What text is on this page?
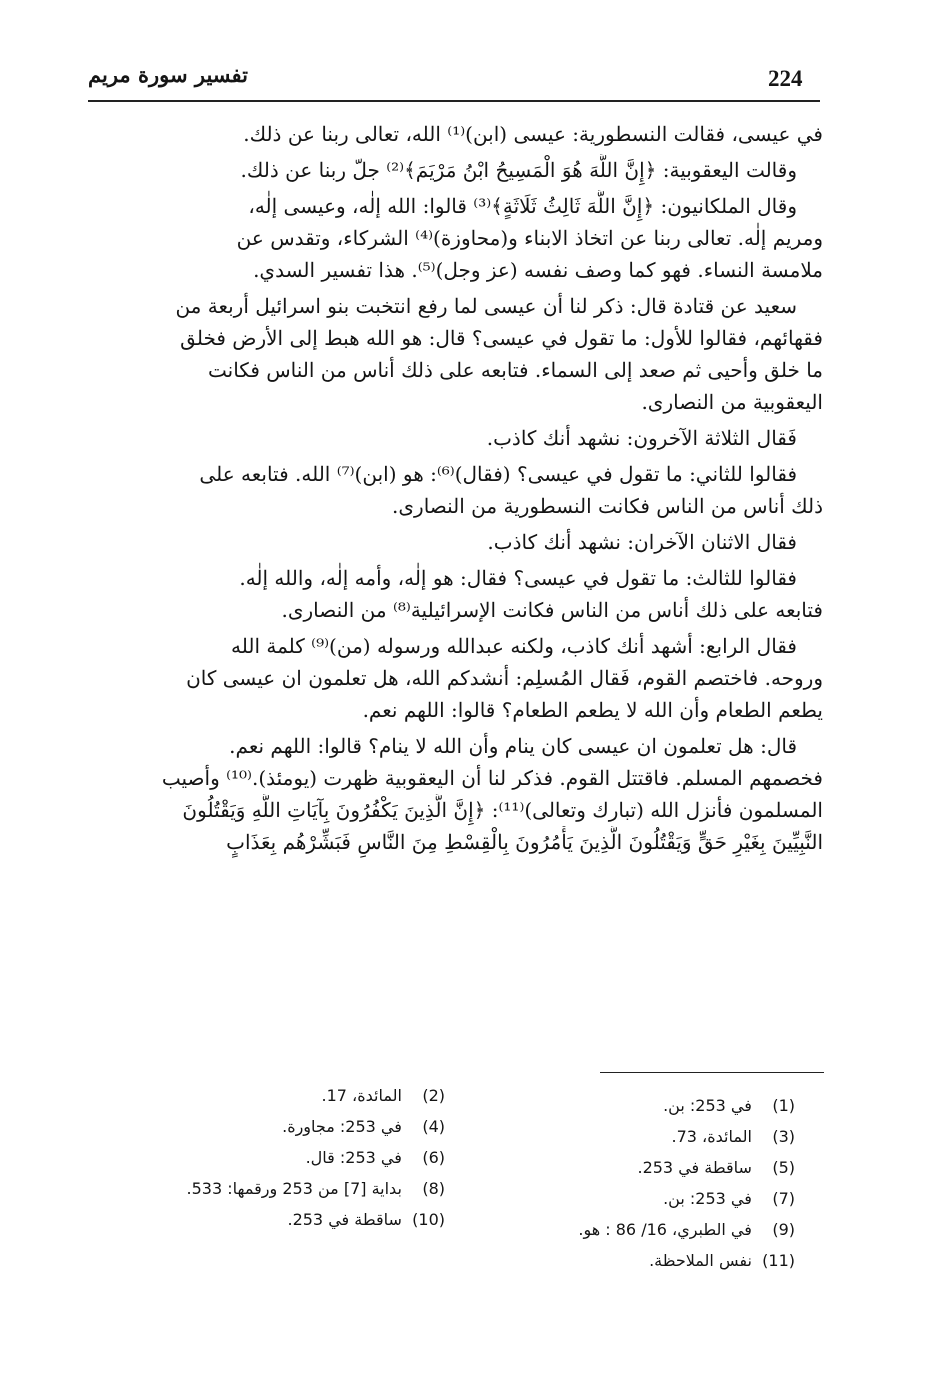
تفسير سورة مريم	224
في عيسى، فقالت النسطورية: عيسى (ابن)⁽¹⁾ الله، تعالى ربنا عن ذلك.
وقالت اليعقوبية: ﴿إِنَّ اللَّهَ هُوَ الْمَسِيحُ ابْنُ مَرْيَمَ﴾⁽²⁾ جلّ ربنا عن ذلك.
وقال الملكانيون: ﴿إِنَّ اللَّهَ ثَالِثُ ثَلَاثَةٍ﴾⁽³⁾ قالوا: الله إلٰه، وعيسى إلٰه،
ومريم إلٰه. تعالى ربنا عن اتخاذ الابناء و(محاوزة)⁽⁴⁾ الشركاء، وتقدس عن
ملامسة النساء. فهو كما وصف نفسه (عز وجل)⁽⁵⁾. هذا تفسير السدي.
سعيد عن قتادة قال: ذكر لنا أن عيسى لما رفع انتخبت بنو اسرائيل أربعة من
فقهائهم، فقالوا للأول: ما تقول في عيسى؟ قال: هو الله هبط إلى الأرض فخلق
ما خلق وأحيى ثم صعد إلى السماء. فتابعه على ذلك أناس من الناس فكانت
اليعقوبية من النصارى.
فَقال الثلاثة الآخرون: نشهد أنك كاذب.
فقالوا للثاني: ما تقول في عيسى؟ (فقال)⁽⁶⁾: هو (ابن)⁽⁷⁾ الله. فتابعه على
ذلك أناس من الناس فكانت النسطورية من النصارى.
فقال الاثنان الآخران: نشهد أنك كاذب.
فقالوا للثالث: ما تقول في عيسى؟ فقال: هو إلٰه، وأمه إلٰه، والله إلٰه.
فتابعه على ذلك أناس من الناس فكانت الإسرائيلية⁽⁸⁾ من النصارى.
فقال الرابع: أشهد أنك كاذب، ولكنه عبدالله ورسوله (من)⁽⁹⁾ كلمة الله
وروحه. فاختصم القوم، فَقال المُسلِم: أنشدكم الله، هل تعلمون ان عيسى كان
يطعم الطعام وأن الله لا يطعم الطعام؟ قالوا: اللهم نعم.
قال: هل تعلمون ان عيسى كان ينام وأن الله لا ينام؟ قالوا: اللهم نعم.
فخصمهم المسلم. فاقتتل القوم. فذكر لنا أن اليعقوبية ظهرت (يومئذ).⁽¹⁰⁾ وأصيب
المسلمون فأنزل الله (تبارك وتعالى)⁽¹¹⁾: ﴿إِنَّ الَّذِينَ يَكْفُرُونَ بِآيَاتِ اللَّهِ وَيَقْتُلُونَ
النَّبِيِّينَ بِغَيْرِ حَقٍّ وَيَقْتُلُونَ الَّذِينَ يَأْمُرُونَ بِالْقِسْطِ مِنَ النَّاسِ فَبَشِّرْهُم بِعَذَابٍ
(1) في 253: بن.
(3) المائدة، 73.
(5) ساقطة في 253.
(7) في 253: بن.
(9) في الطبري، 16/ 86 : هو.
(11) نفس الملاحظة.
(2) المائدة، 17.
(4) في 253: مجاورة.
(6) في 253: قال.
(8) بداية [7] من 253 ورقمها: 533.
(10) ساقطة في 253.
